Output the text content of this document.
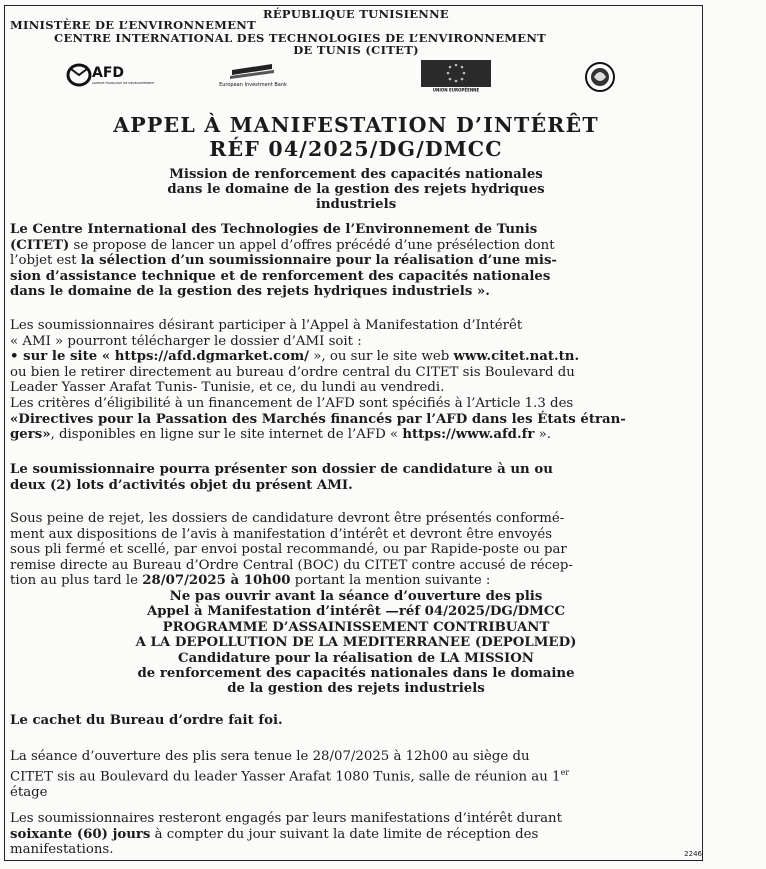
RÉPUBLIQUE TUNISIENNE
MINISTÈRE DE L’ENVIRONNEMENT
CENTRE INTERNATIONAL DES TECHNOLOGIES DE L’ENVIRONNEMENT
DE TUNIS (CITET)
AFD
AGENCE FRANÇAISE DE DÉVELOPPEMENT	European Investment Bank
UNION EUROPÉENNE
APPEL À MANIFESTATION D’INTÉRÊT
RÉF 04/2025/DG/DMCC
Mission de renforcement des capacités nationales
dans le domaine de la gestion des rejets hydriques
industriels
Le Centre International des Technologies de l’Environnement de Tunis
(CITET) se propose de lancer un appel d’offres précédé d’une présélection dont
l’objet est la sélection d’un soumissionnaire pour la réalisation d’une mis-
sion d’assistance technique et de renforcement des capacités nationales
dans le domaine de la gestion des rejets hydriques industriels ».
Les soumissionnaires désirant participer à l’Appel à Manifestation d’Intérêt
« AMI » pourront télécharger le dossier d’AMI soit :
• sur le site « https://afd.dgmarket.com/ », ou sur le site web www.citet.nat.tn.
ou bien le retirer directement au bureau d’ordre central du CITET sis Boulevard du
Leader Yasser Arafat Tunis- Tunisie, et ce, du lundi au vendredi.
Les critères d’éligibilité à un financement de l’AFD sont spécifiés à l’Article 1.3 des
«Directives pour la Passation des Marchés financés par l’AFD dans les États étran-
gers», disponibles en ligne sur le site internet de l’AFD « https://www.afd.fr ».
Le soumissionnaire pourra présenter son dossier de candidature à un ou
deux (2) lots d’activités objet du présent AMI.
Sous peine de rejet, les dossiers de candidature devront être présentés conformé-
ment aux dispositions de l’avis à manifestation d’intérêt et devront être envoyés
sous pli fermé et scellé, par envoi postal recommandé, ou par Rapide-poste ou par
remise directe au Bureau d’Ordre Central (BOC) du CITET contre accusé de récep-
tion au plus tard le 28/07/2025 à 10h00 portant la mention suivante :
Ne pas ouvrir avant la séance d’ouverture des plis
Appel à Manifestation d’intérêt —réf 04/2025/DG/DMCC
PROGRAMME D’ASSAINISSEMENT CONTRIBUANT
A LA DEPOLLUTION DE LA MEDITERRANEE (DEPOLMED)
Candidature pour la réalisation de LA MISSION
de renforcement des capacités nationales dans le domaine
de la gestion des rejets industriels
Le cachet du Bureau d’ordre fait foi.
La séance d’ouverture des plis sera tenue le 28/07/2025 à 12h00 au siège du
CITET sis au Boulevard du leader Yasser Arafat 1080 Tunis, salle de réunion au 1er
étage
Les soumissionnaires resteront engagés par leurs manifestations d’intérêt durant
soixante (60) jours à compter du jour suivant la date limite de réception des
manifestations.	2246
